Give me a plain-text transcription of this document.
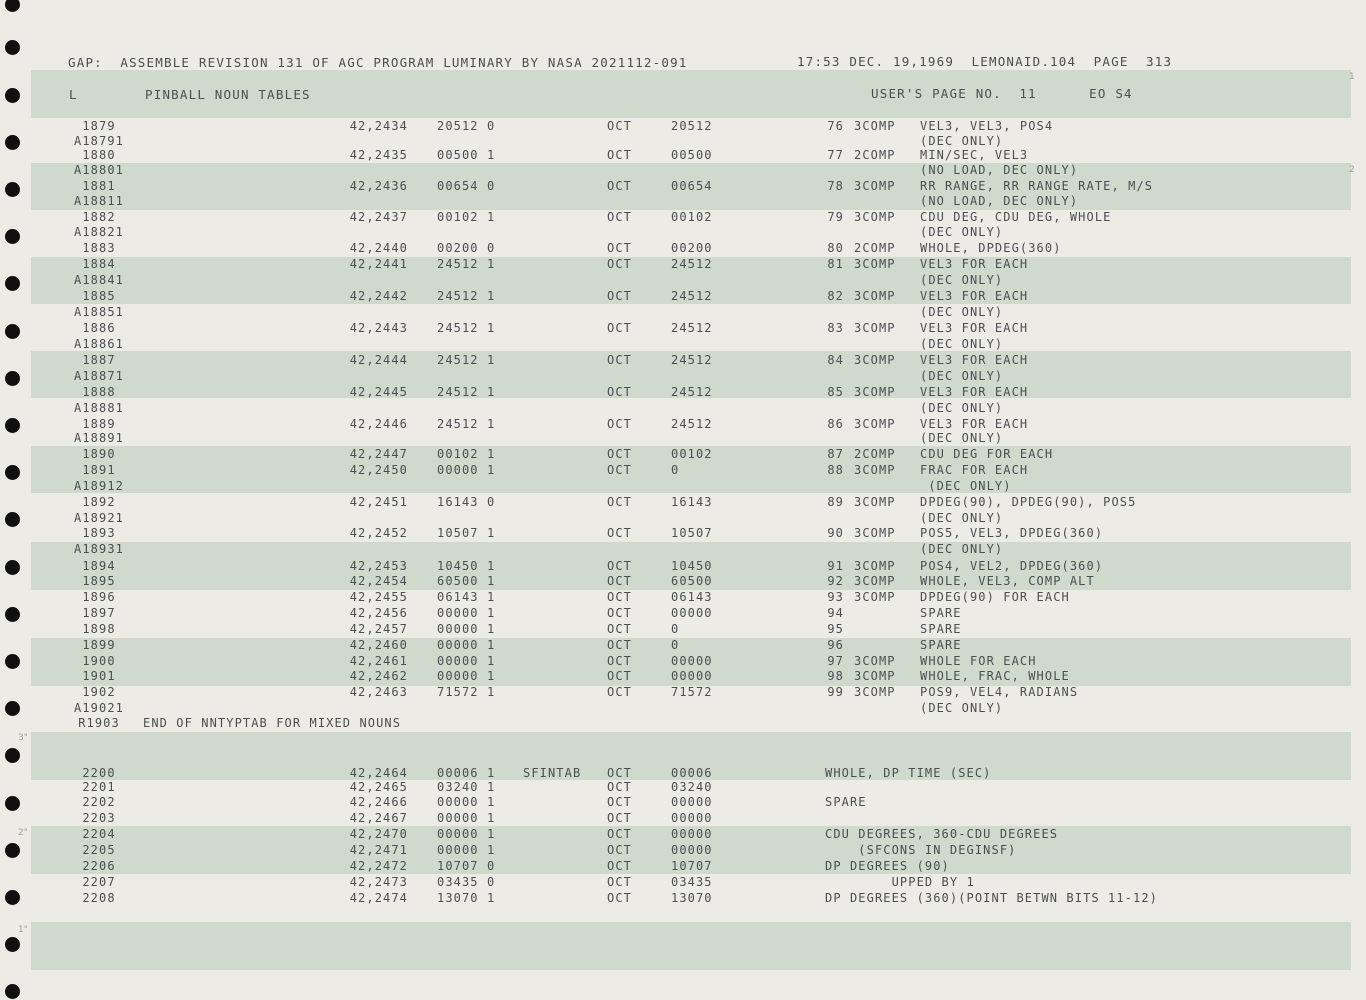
1
2
3"
2"
1"
GAP:  ASSEMBLE REVISION 131 OF AGC PROGRAM LUMINARY BY NASA 2021112-091	17:53 DEC. 19,1969  LEMONAID.104  PAGE  313
L	PINBALL NOUN TABLES	USER'S PAGE NO.  11      EO S4
1879	42,2434 20512 0	OCT	20512	76 3COMP VEL3, VEL3, POS4
A18791	(DEC ONLY)
1880	42,2435 00500 1	OCT	00500	77 2COMP MIN/SEC, VEL3
A18801	(NO LOAD, DEC ONLY)
1881	42,2436 00654 0	OCT	00654	78 3COMP RR RANGE, RR RANGE RATE, M/S
A18811	(NO LOAD, DEC ONLY)
1882	42,2437 00102 1	OCT	00102	79 3COMP CDU DEG, CDU DEG, WHOLE
A18821	(DEC ONLY)
1883	42,2440 00200 0	OCT	00200	80 2COMP WHOLE, DPDEG(360)
1884	42,2441 24512 1	OCT	24512	81 3COMP VEL3 FOR EACH
A18841	(DEC ONLY)
1885	42,2442 24512 1	OCT	24512	82 3COMP VEL3 FOR EACH
A18851	(DEC ONLY)
1886	42,2443 24512 1	OCT	24512	83 3COMP VEL3 FOR EACH
A18861	(DEC ONLY)
1887	42,2444 24512 1	OCT	24512	84 3COMP VEL3 FOR EACH
A18871	(DEC ONLY)
1888	42,2445 24512 1	OCT	24512	85 3COMP VEL3 FOR EACH
A18881	(DEC ONLY)
1889	42,2446 24512 1	OCT	24512	86 3COMP VEL3 FOR EACH
A18891	(DEC ONLY)
1890	42,2447 00102 1	OCT	00102	87 2COMP CDU DEG FOR EACH
1891	42,2450 00000 1	OCT	0	88 3COMP FRAC FOR EACH
A18912	(DEC ONLY)
1892	42,2451 16143 0	OCT	16143	89 3COMP DPDEG(90), DPDEG(90), POS5
A18921	(DEC ONLY)
1893	42,2452 10507 1	OCT	10507	90 3COMP POS5, VEL3, DPDEG(360)
A18931	(DEC ONLY)
1894	42,2453 10450 1	OCT	10450	91 3COMP POS4, VEL2, DPDEG(360)
1895	42,2454 60500 1	OCT	60500	92 3COMP WHOLE, VEL3, COMP ALT
1896	42,2455 06143 1	OCT	06143	93 3COMP DPDEG(90) FOR EACH
1897	42,2456 00000 1	OCT	00000	94	SPARE
1898	42,2457 00000 1	OCT	0	95	SPARE
1899	42,2460 00000 1	OCT	0	96	SPARE
1900	42,2461 00000 1	OCT	00000	97 3COMP WHOLE FOR EACH
1901	42,2462 00000 1	OCT	00000	98 3COMP WHOLE, FRAC, WHOLE
1902	42,2463 71572 1	OCT	71572	99 3COMP POS9, VEL4, RADIANS
A19021	(DEC ONLY)
R1903	END OF NNTYPTAB FOR MIXED NOUNS
2200	42,2464 00006 1 SFINTAB OCT	00006	WHOLE, DP TIME (SEC)
2201	42,2465 03240 1	OCT	03240
2202	42,2466 00000 1	OCT	00000	SPARE
2203	42,2467 00000 1	OCT	00000
2204	42,2470 00000 1	OCT	00000	CDU DEGREES, 360-CDU DEGREES
2205	42,2471 00000 1	OCT	00000	(SFCONS IN DEGINSF)
2206	42,2472 10707 0	OCT	10707	DP DEGREES (90)
2207	42,2473 03435 0	OCT	03435	UPPED BY 1
2208	42,2474 13070 1	OCT	13070	DP DEGREES (360)(POINT BETWN BITS 11-12)
